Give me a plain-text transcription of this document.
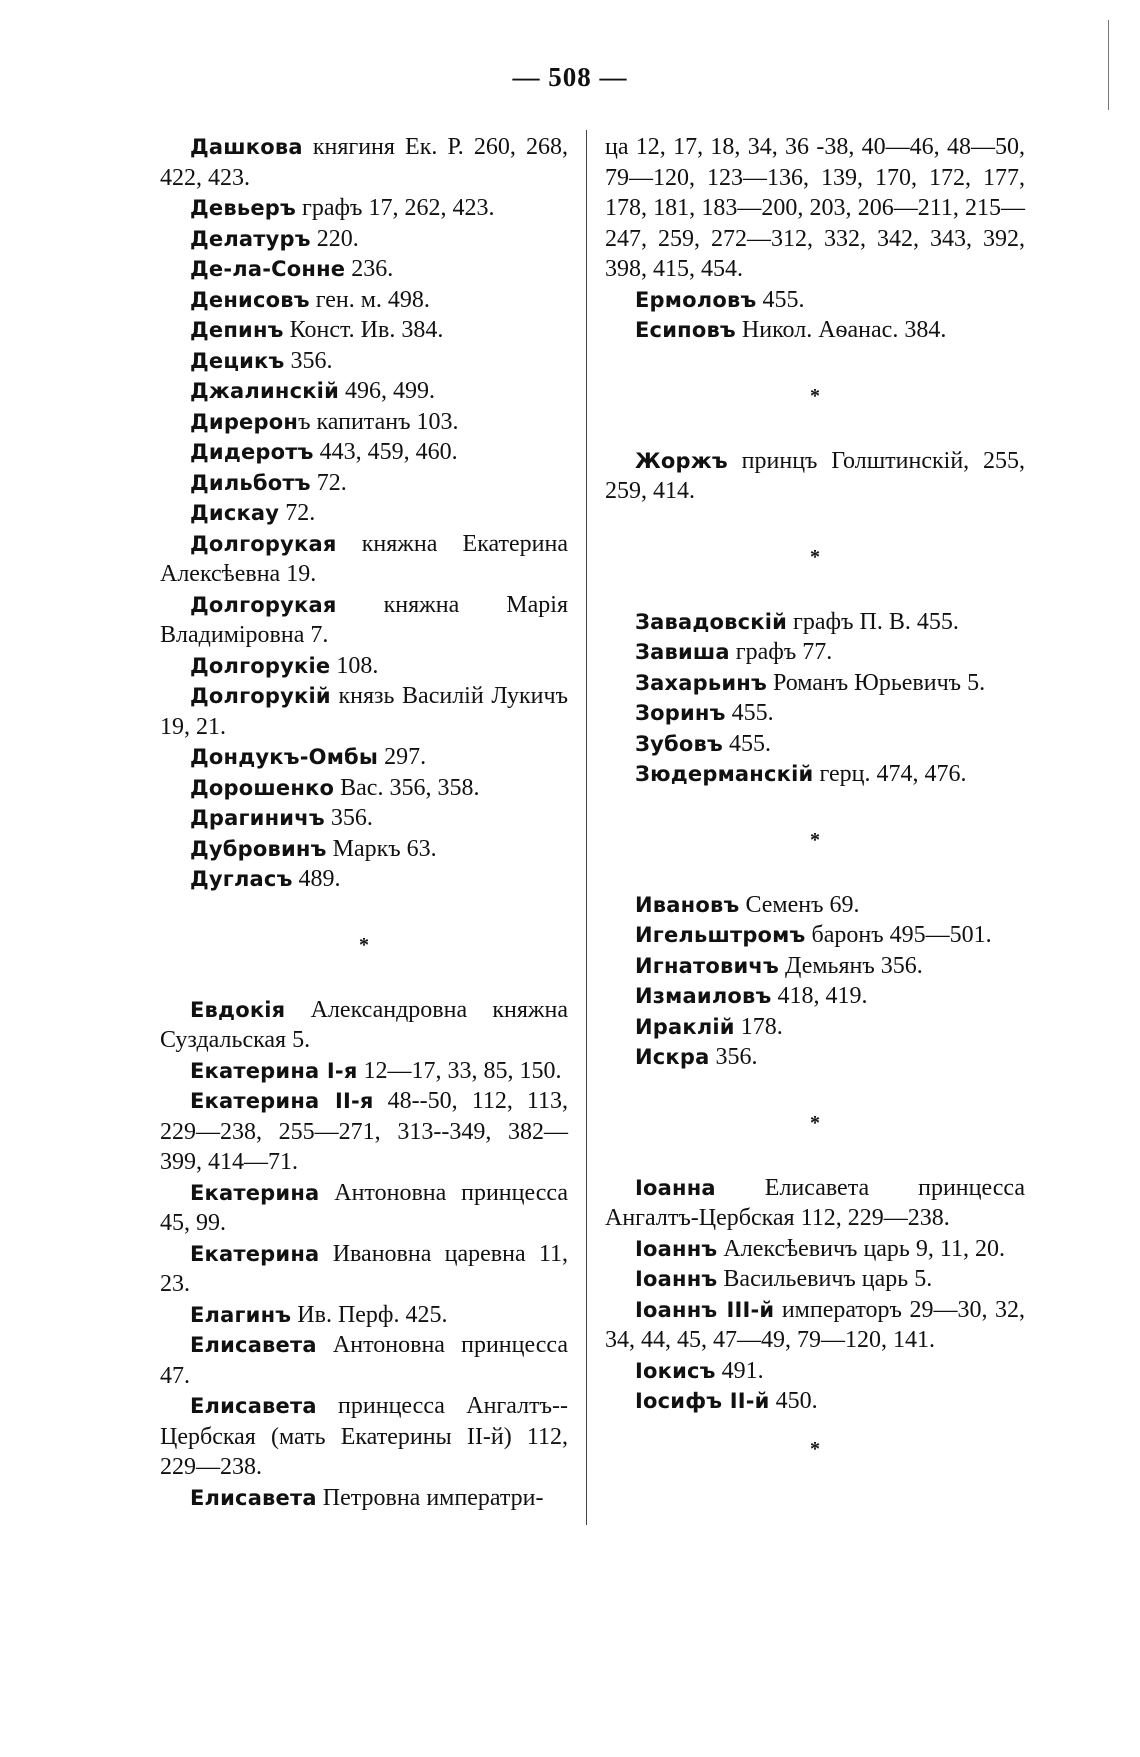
— 508 —

Дашкова княгиня Ек. Р. 260, 268, 422, 423.

Девьеръ графъ 17, 262, 423.

Делатуръ 220.

Де-ла-Сонне 236.

Денисовъ ген. м. 498.

Депинъ Конст. Ив. 384.

Децикъ 356.

Джалинскій 496, 499.

Диреронъ капитанъ 103.

Дидеротъ 443, 459, 460.

Дильботъ 72.

Дискау 72.

Долгорукая княжна Екатерина Алексѣевна 19.

Долгорукая княжна Марія Владиміровна 7.

Долгорукіе 108.

Долгорукій князь Василій Лукичъ 19, 21.

Дондукъ-Омбы 297.

Дорошенко Вас. 356, 358.

Драгиничъ 356.

Дубровинъ Маркъ 63.

Дугласъ 489.

*

Евдокія Александровна княжна Суздальская 5.

Екатерина I-я 12—17, 33, 85, 150.

Екатерина II-я 48--50, 112, 113, 229—238, 255—271, 313--349, 382—399, 414—71.

Екатерина Антоновна принцесса 45, 99.

Екатерина Ивановна царевна 11, 23.

Елагинъ Ив. Перф. 425.

Елисавета Антоновна принцесса 47.

Елисавета принцесса Ангалтъ--Цербская (мать Екатерины II-й) 112, 229—238.

Елисавета Петровна императри-

ца 12, 17, 18, 34, 36 -38, 40—46, 48—50, 79—120, 123—136, 139, 170, 172, 177, 178, 181, 183—200, 203, 206—211, 215—247, 259, 272—312, 332, 342, 343, 392, 398, 415, 454.

Ермоловъ 455.

Есиповъ Никол. Аѳанас. 384.

*

Жоржъ принцъ Голштинскій, 255, 259, 414.

*

Завадовскій графъ П. В. 455.

Завиша графъ 77.

Захарьинъ Романъ Юрьевичъ 5.

Зоринъ 455.

Зубовъ 455.

Зюдерманскій герц. 474, 476.

*

Ивановъ Семенъ 69.

Игельштромъ баронъ 495—501.

Игнатовичъ Демьянъ 356.

Измаиловъ 418, 419.

Ираклій 178.

Искра 356.

*

Іоанна Елисавета принцесса Ангалтъ-Цербская 112, 229—238.

Іоаннъ Алексѣевичъ царь 9, 11, 20.

Іоаннъ Васильевичъ царь 5.

Іоаннъ III-й императоръ 29—30, 32, 34, 44, 45, 47—49, 79—120, 141.

Іокисъ 491.

Іосифъ II-й 450.

*
